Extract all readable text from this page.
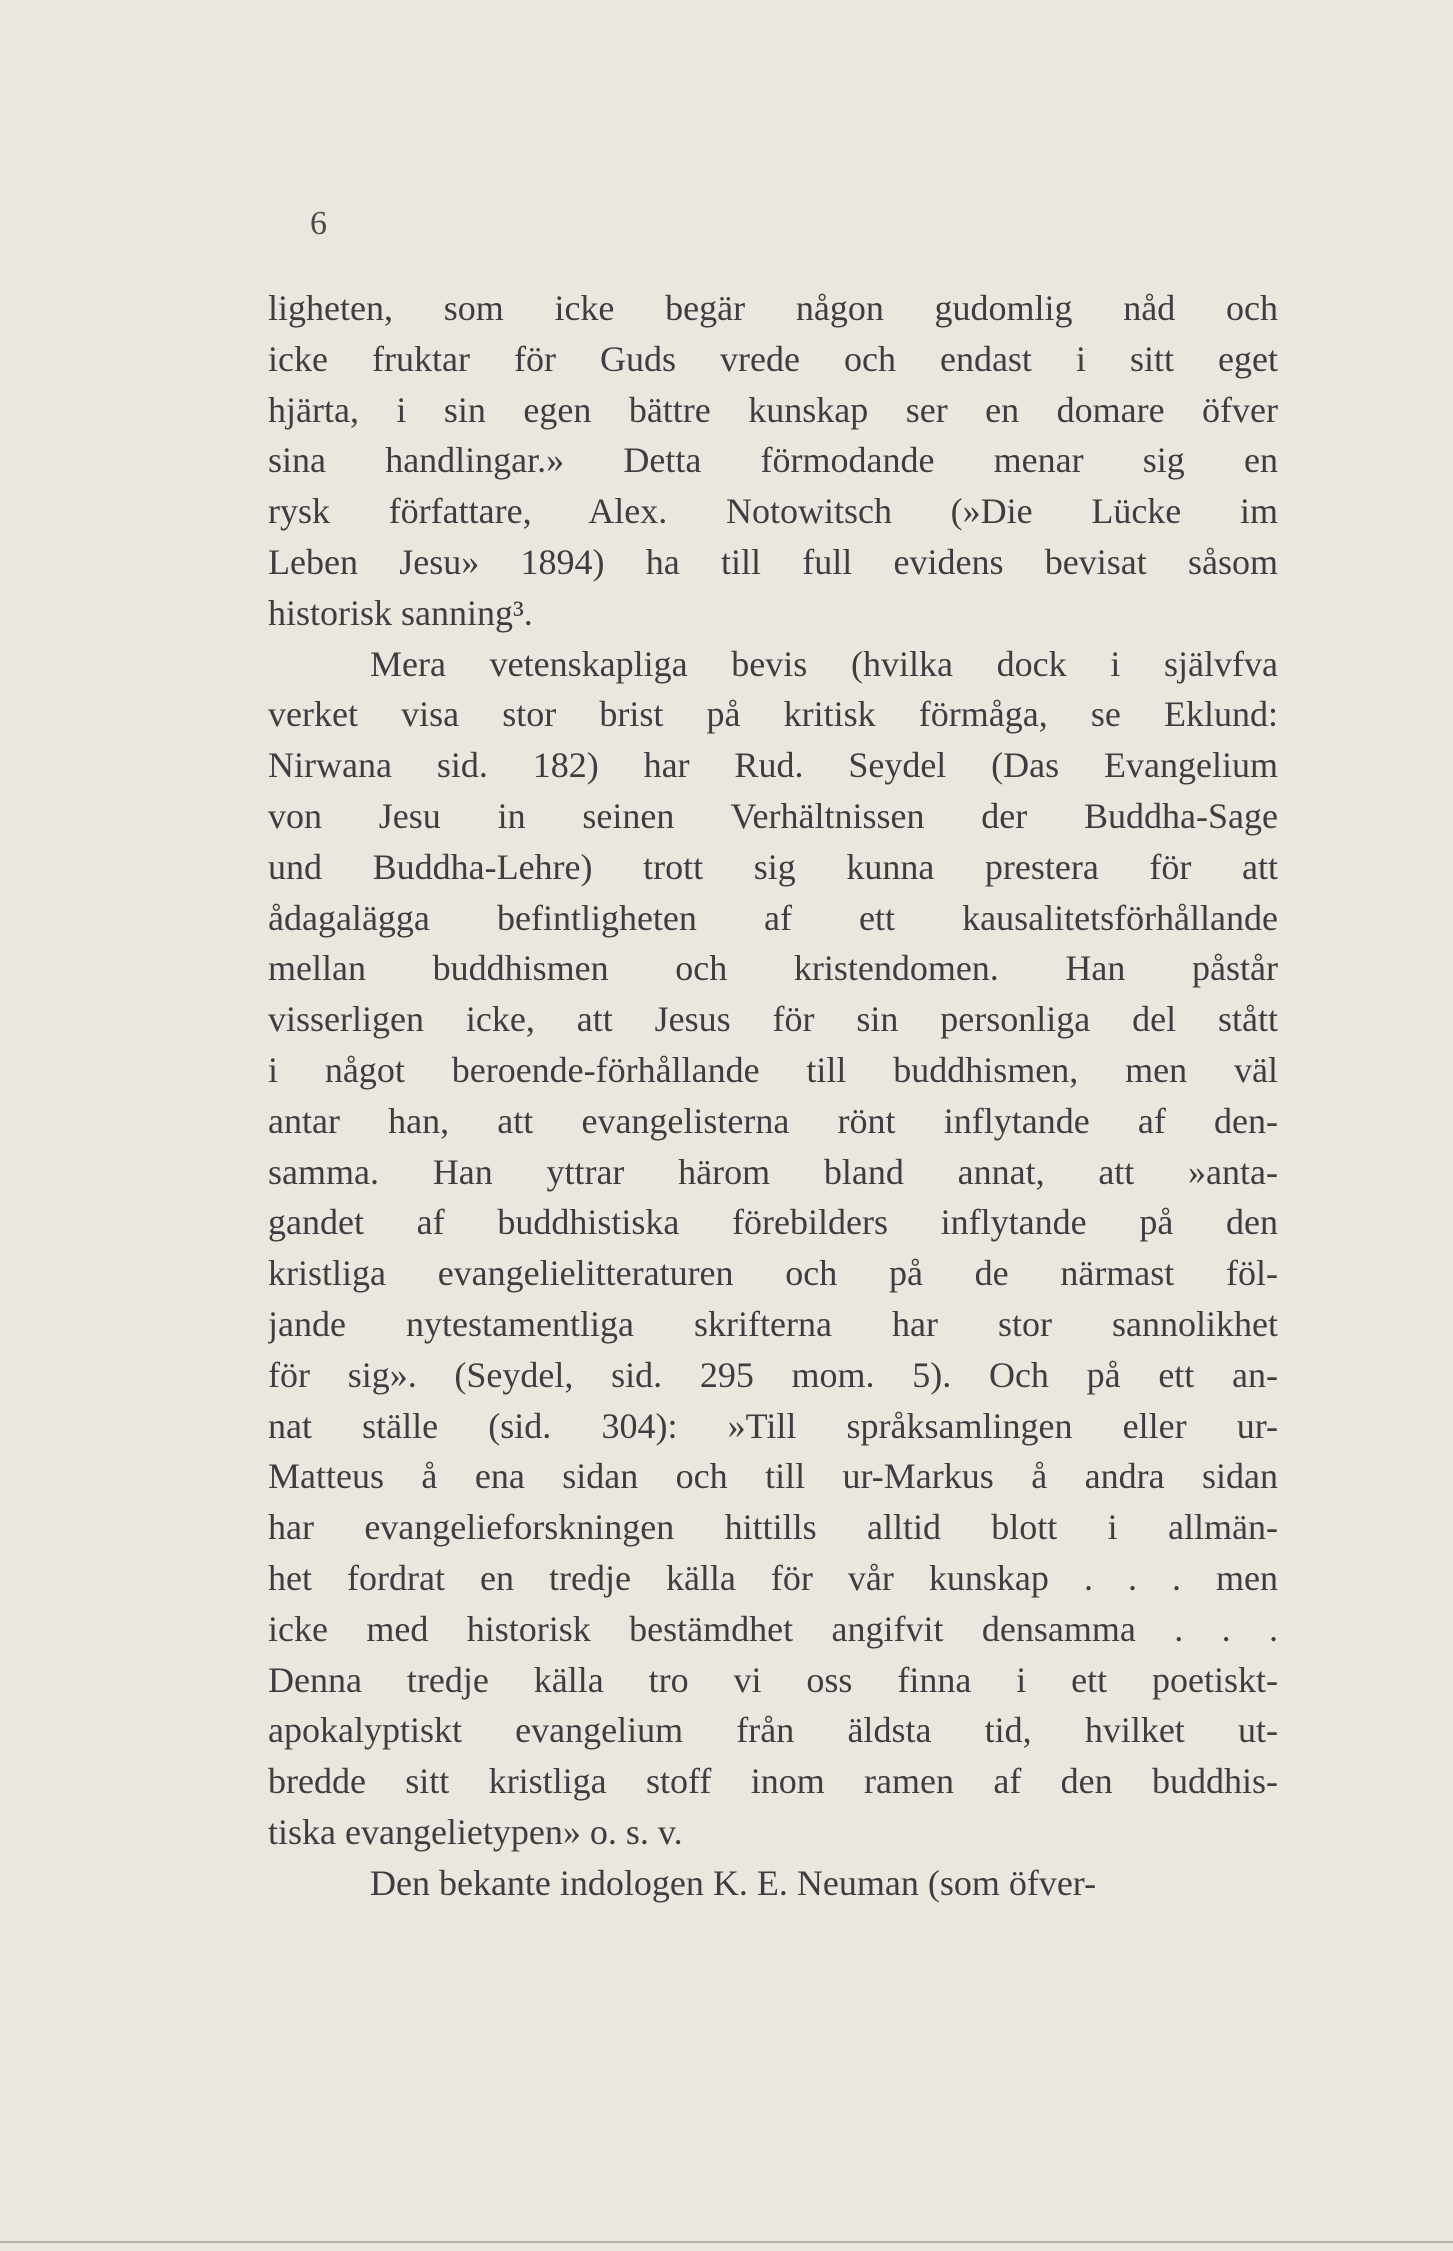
6
ligheten, som icke begär någon gudomlig nåd och
icke fruktar för Guds vrede och endast i sitt eget
hjärta, i sin egen bättre kunskap ser en domare öfver
sina handlingar.» Detta förmodande menar sig en
rysk författare, Alex. Notowitsch (»Die Lücke im
Leben Jesu» 1894) ha till full evidens bevisat såsom
historisk sanning³.
Mera vetenskapliga bevis (hvilka dock i självfva
verket visa stor brist på kritisk förmåga, se Eklund:
Nirwana sid. 182) har Rud. Seydel (Das Evangelium
von Jesu in seinen Verhältnissen der Buddha-Sage
und Buddha-Lehre) trott sig kunna prestera för att
ådagalägga befintligheten af ett kausalitetsförhållande
mellan buddhismen och kristendomen. Han påstår
visserligen icke, att Jesus för sin personliga del stått
i något beroende-förhållande till buddhismen, men väl
antar han, att evangelisterna rönt inflytande af den-
samma. Han yttrar härom bland annat, att »anta-
gandet af buddhistiska förebilders inflytande på den
kristliga evangelielitteraturen och på de närmast föl-
jande nytestamentliga skrifterna har stor sannolikhet
för sig». (Seydel, sid. 295 mom. 5). Och på ett an-
nat ställe (sid. 304): »Till språksamlingen eller ur-
Matteus å ena sidan och till ur-Markus å andra sidan
har evangelieforskningen hittills alltid blott i allmän-
het fordrat en tredje källa för vår kunskap . . . men
icke med historisk bestämdhet angifvit densamma . . .
Denna tredje källa tro vi oss finna i ett poetiskt-
apokalyptiskt evangelium från äldsta tid, hvilket ut-
bredde sitt kristliga stoff inom ramen af den buddhis-
tiska evangelietypen» o. s. v.
Den bekante indologen K. E. Neuman (som öfver-
